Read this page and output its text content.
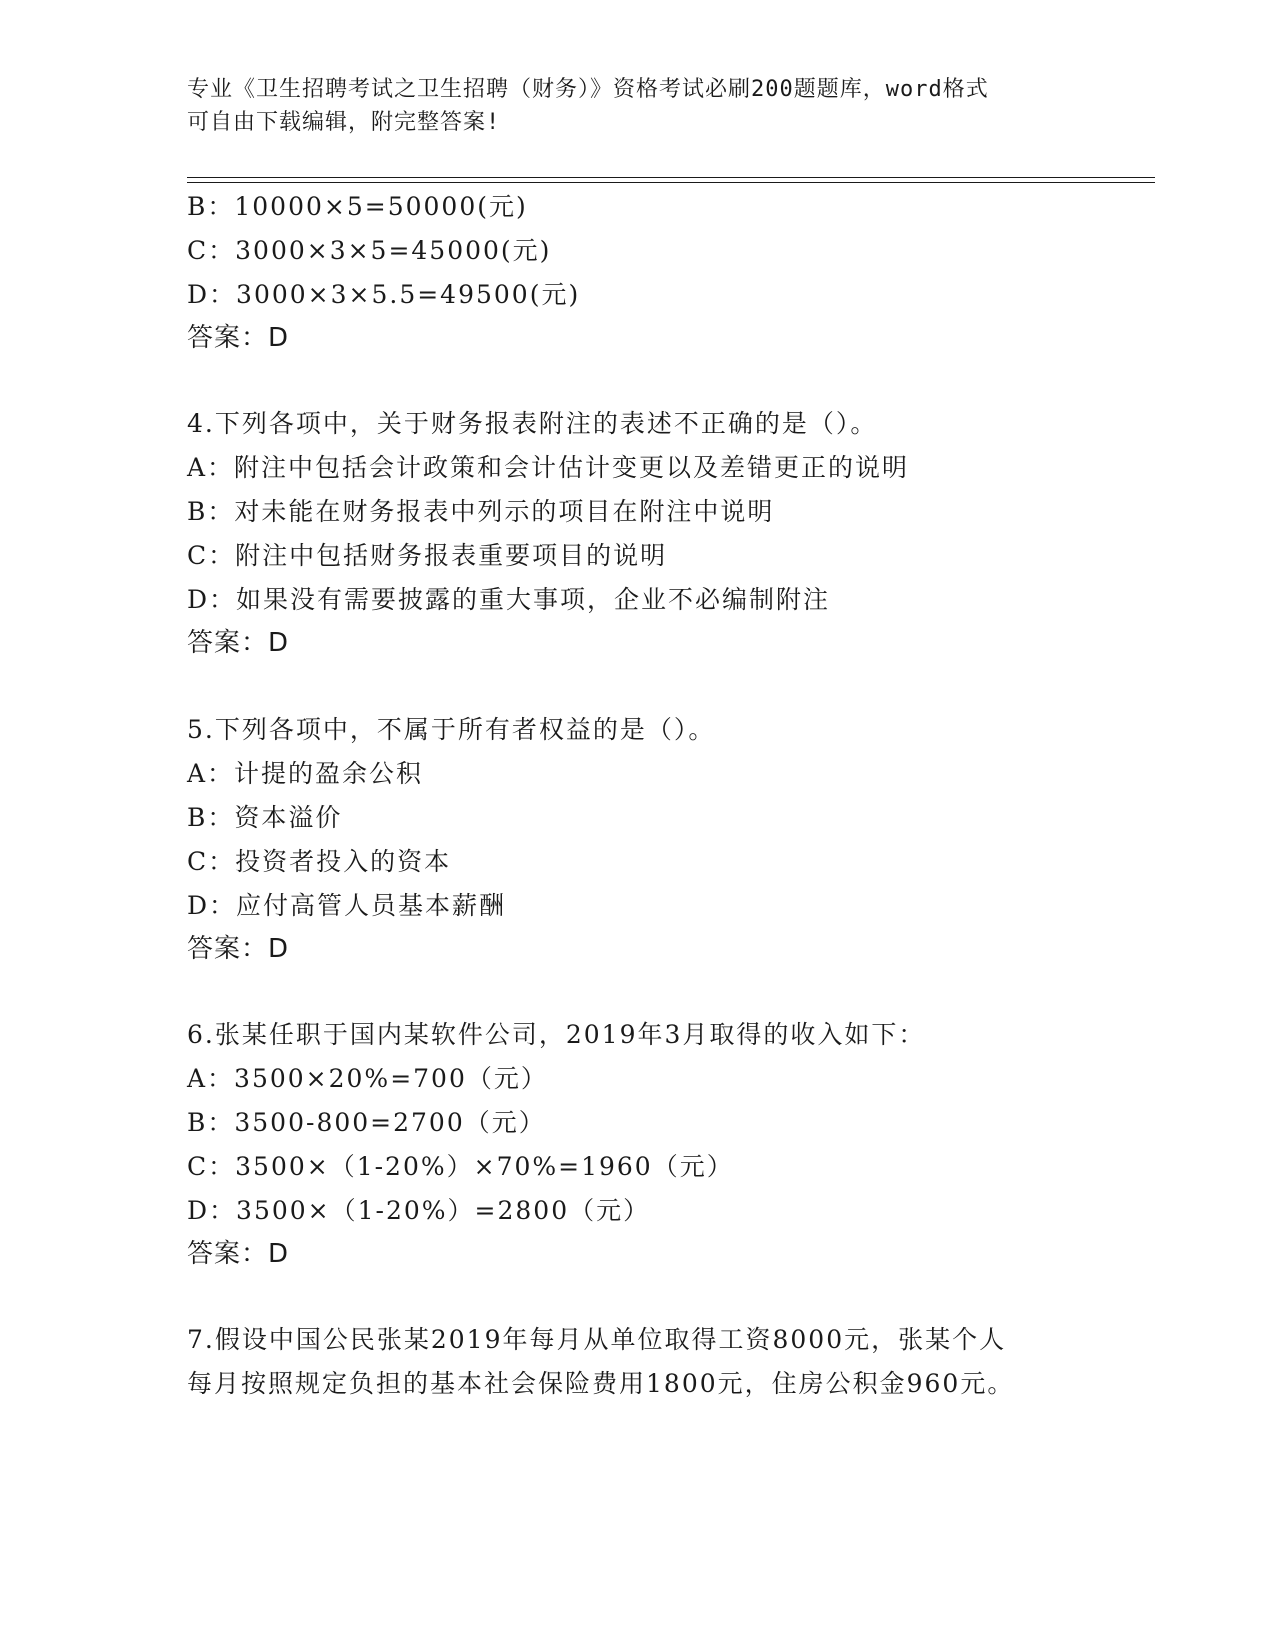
专业《卫生招聘考试之卫生招聘（财务）》资格考试必刷200题题库，word格式
可自由下载编辑，附完整答案!
B：10000×5=50000(元)
C：3000×3×5=45000(元)
D：3000×3×5.5=49500(元)
答案：D
4.下列各项中，关于财务报表附注的表述不正确的是（）。
A：附注中包括会计政策和会计估计变更以及差错更正的说明
B：对未能在财务报表中列示的项目在附注中说明
C：附注中包括财务报表重要项目的说明
D：如果没有需要披露的重大事项，企业不必编制附注
答案：D
5.下列各项中，不属于所有者权益的是（）。
A：计提的盈余公积
B：资本溢价
C：投资者投入的资本
D：应付高管人员基本薪酬
答案：D
6.张某任职于国内某软件公司，2019年3月取得的收入如下：
A：3500×20%=700（元）
B：3500-800=2700（元）
C：3500×（1-20%）×70%=1960（元）
D：3500×（1-20%）=2800（元）
答案：D
7.假设中国公民张某2019年每月从单位取得工资8000元，张某个人
每月按照规定负担的基本社会保险费用1800元，住房公积金960元。
